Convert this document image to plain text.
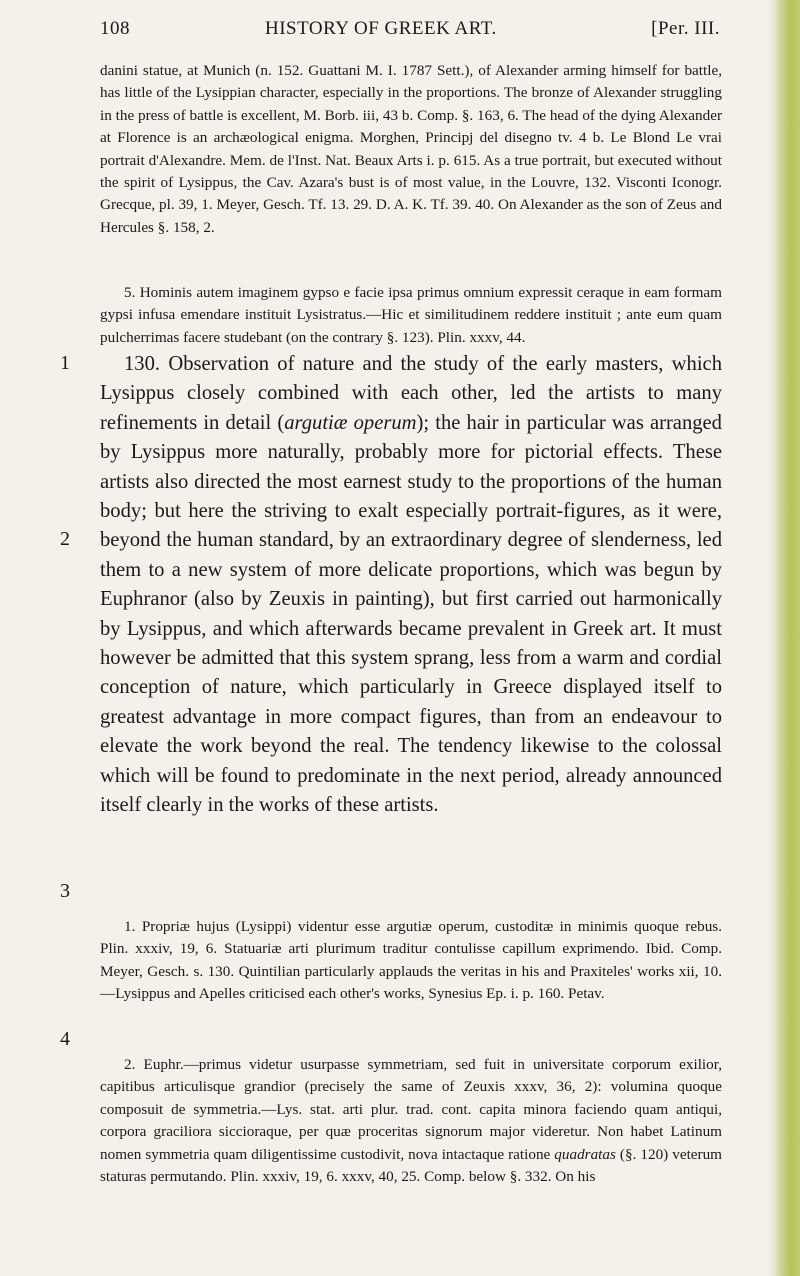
108	HISTORY OF GREEK ART.	[Per. III.

danini statue, at Munich (n. 152. Guattani M. I. 1787 Sett.), of Alexander arming himself for battle, has little of the Lysippian character, especially in the proportions. The bronze of Alexander struggling in the press of battle is excellent, M. Borb. iii, 43 b. Comp. §. 163, 6. The head of the dying Alexander at Florence is an archæological enigma. Morghen, Principj del disegno tv. 4 b. Le Blond Le vrai portrait d'Alexandre. Mem. de l'Inst. Nat. Beaux Arts i. p. 615. As a true portrait, but executed without the spirit of Lysippus, the Cav. Azara's bust is of most value, in the Louvre, 132. Visconti Iconogr. Grecque, pl. 39, 1. Meyer, Gesch. Tf. 13. 29. D. A. K. Tf. 39. 40. On Alexander as the son of Zeus and Hercules §. 158, 2.

5. Hominis autem imaginem gypso e facie ipsa primus omnium expressit ceraque in eam formam gypsi infusa emendare instituit Lysistratus.—Hic et similitudinem reddere instituit ; ante eum quam pulcherrimas facere studebant (on the contrary §. 123). Plin. xxxv, 44.

1
2
3
4

130. Observation of nature and the study of the early masters, which Lysippus closely combined with each other, led the artists to many refinements in detail (argutiæ operum); the hair in particular was arranged by Lysippus more naturally, probably more for pictorial effects. These artists also directed the most earnest study to the proportions of the human body; but here the striving to exalt especially portrait-figures, as it were, beyond the human standard, by an extraordinary degree of slenderness, led them to a new system of more delicate proportions, which was begun by Euphranor (also by Zeuxis in painting), but first carried out harmonically by Lysippus, and which afterwards became prevalent in Greek art. It must however be admitted that this system sprang, less from a warm and cordial conception of nature, which particularly in Greece displayed itself to greatest advantage in more compact figures, than from an endeavour to elevate the work beyond the real. The tendency likewise to the colossal which will be found to predominate in the next period, already announced itself clearly in the works of these artists.

1. Propriæ hujus (Lysippi) videntur esse argutiæ operum, custoditæ in minimis quoque rebus. Plin. xxxiv, 19, 6. Statuariæ arti plurimum traditur contulisse capillum exprimendo. Ibid. Comp. Meyer, Gesch. s. 130. Quintilian particularly applauds the veritas in his and Praxiteles' works xii, 10.—Lysippus and Apelles criticised each other's works, Synesius Ep. i. p. 160. Petav.

2. Euphr.—primus videtur usurpasse symmetriam, sed fuit in universitate corporum exilior, capitibus articulisque grandior (precisely the same of Zeuxis xxxv, 36, 2): volumina quoque composuit de symmetria.—Lys. stat. arti plur. trad. cont. capita minora faciendo quam antiqui, corpora graciliora siccioraque, per quæ proceritas signorum major videretur. Non habet Latinum nomen symmetria quam diligentissime custodivit, nova intactaque ratione quadratas (§. 120) veterum staturas permutando. Plin. xxxiv, 19, 6. xxxv, 40, 25. Comp. below §. 332. On his
